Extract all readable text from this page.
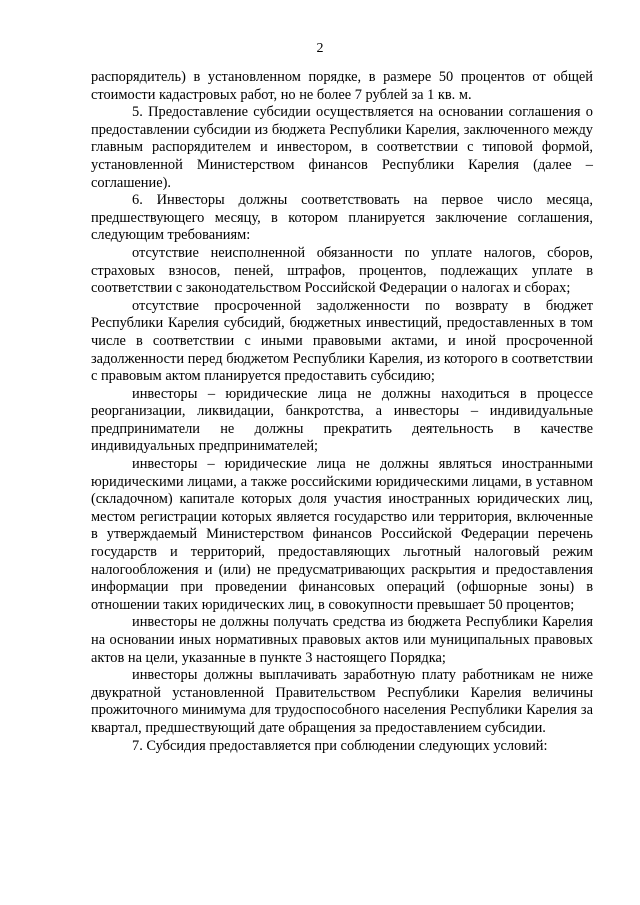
2

распорядитель) в установленном порядке, в размере 50 процентов от общей стоимости кадастровых работ, но не более 7 рублей за 1 кв. м.

5. Предоставление субсидии осуществляется на основании соглашения о предоставлении субсидии из бюджета Республики Карелия, заключенного между главным распорядителем и инвестором, в соответствии с типовой формой, установленной Министерством финансов Республики Карелия (далее – соглашение).

6. Инвесторы должны соответствовать на первое число месяца, предшествующего месяцу, в котором планируется заключение соглашения, следующим требованиям:

отсутствие неисполненной обязанности по уплате налогов, сборов, страховых взносов, пеней, штрафов, процентов, подлежащих уплате в соответствии с законодательством Российской Федерации о налогах и сборах;

отсутствие просроченной задолженности по возврату в бюджет Республики Карелия субсидий, бюджетных инвестиций, предоставленных в том числе в соответствии с иными правовыми актами, и иной просроченной задолженности перед бюджетом Республики Карелия, из которого в соответствии с правовым актом планируется предоставить субсидию;

инвесторы – юридические лица не должны находиться в процессе реорганизации, ликвидации, банкротства, а инвесторы – индивидуальные предприниматели не должны прекратить деятельность в качестве индивидуальных предпринимателей;

инвесторы – юридические лица не должны являться иностранными юридическими лицами, а также российскими юридическими лицами, в уставном (складочном) капитале которых доля участия иностранных юридических лиц, местом регистрации которых является государство или территория, включенные в утверждаемый Министерством финансов Российской Федерации перечень государств и территорий, предоставляющих льготный налоговый режим налогообложения и (или) не предусматривающих раскрытия и предоставления информации при проведении финансовых операций (офшорные зоны) в отношении таких юридических лиц, в совокупности превышает 50 процентов;

инвесторы не должны получать средства из бюджета Республики Карелия на основании иных нормативных правовых актов или муниципальных правовых актов на цели, указанные в пункте 3 настоящего Порядка;

инвесторы должны выплачивать заработную плату работникам не ниже двукратной установленной Правительством Республики Карелия величины прожиточного минимума для трудоспособного населения Республики Карелия за квартал, предшествующий дате обращения за предоставлением субсидии.

7. Субсидия предоставляется при соблюдении следующих условий:
